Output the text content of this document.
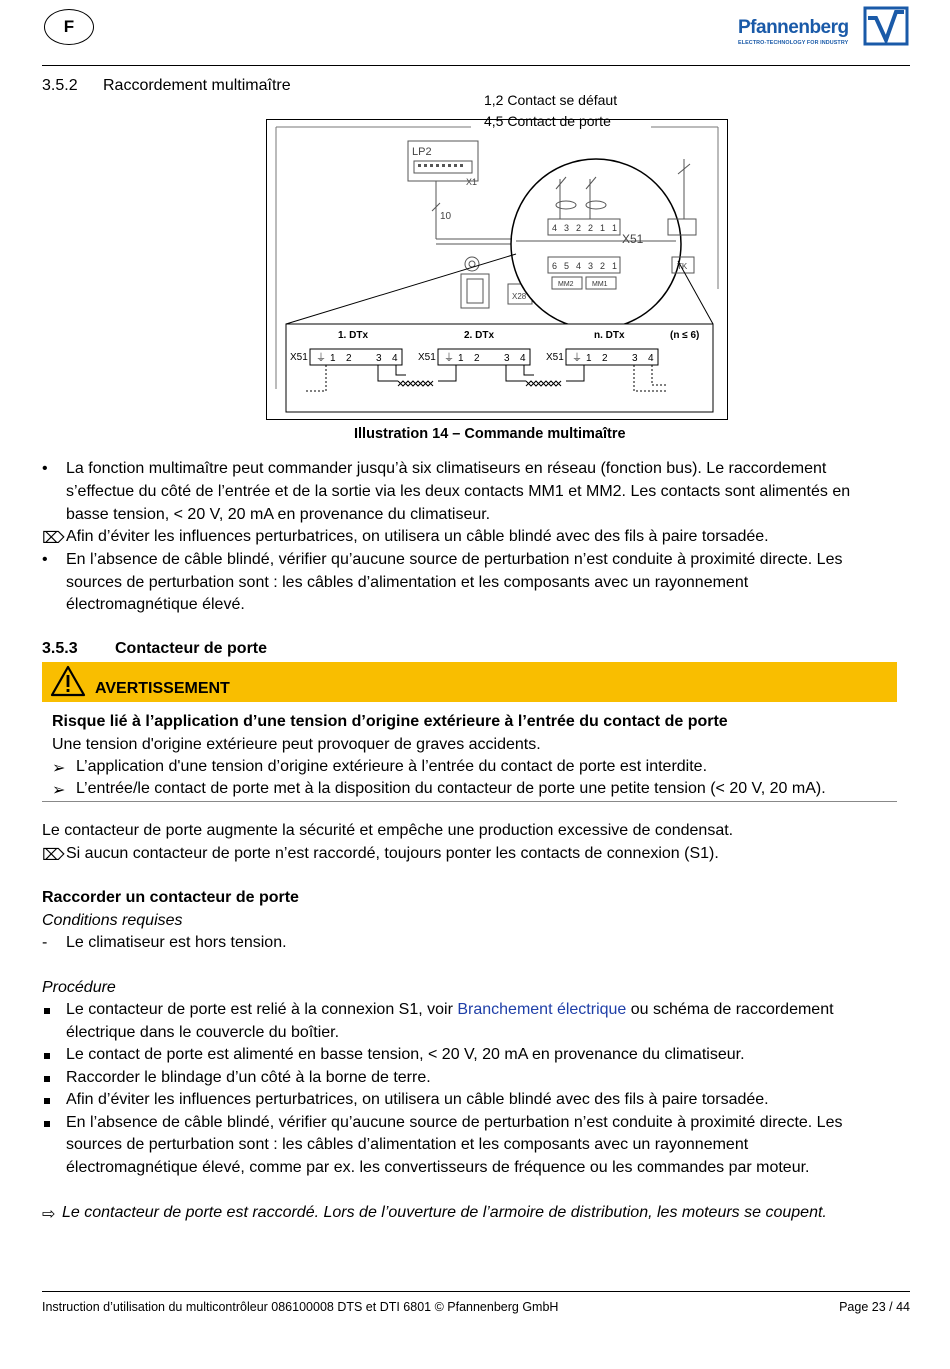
F	Pfannenberg
ELECTRO-TECHNOLOGY FOR INDUSTRY
3.5.2 Raccordement multimaître
1,2 Contact se défaut
4,5 Contact de porte
LP2
X1
10
X28
4 3 2 2 1 1
X51
6 5 4 3 2 1
MM2	MM1
TK
1. DTx	2. DTx	n. DTx	(n ≤ 6)
X51 ⏚ 1 2 3 4 X51 ⏚ 1 2 3 4 X51 ⏚ 1 2 3 4
Illustration 14 – Commande multimaître
• La fonction multimaître peut commander jusqu’à six climatiseurs en réseau (fonction bus). Le raccordement
s’effectue du côté de l’entrée et de la sortie via les deux contacts MM1 et MM2. Les contacts sont alimentés en
basse tension, < 20 V, 20 mA en provenance du climatiseur.
⌦ Afin d’éviter les influences perturbatrices, on utilisera un câble blindé avec des fils à paire torsadée.
• En l’absence de câble blindé, vérifier qu’aucune source de perturbation n’est conduite à proximité directe. Les
sources de perturbation sont : les câbles d’alimentation et les composants avec un rayonnement
électromagnétique élevé.
3.5.3 Contacteur de porte
AVERTISSEMENT
Risque lié à l’application d’une tension d’origine extérieure à l’entrée du contact de porte
Une tension d'origine extérieure peut provoquer de graves accidents.
➢ L’application d'une tension d’origine extérieure à l’entrée du contact de porte est interdite.
➢ L’entrée/le contact de porte met à la disposition du contacteur de porte une petite tension (< 20 V, 20 mA).
Le contacteur de porte augmente la sécurité et empêche une production excessive de condensat.
⌦ Si aucun contacteur de porte n’est raccordé, toujours ponter les contacts de connexion (S1).
Raccorder un contacteur de porte
Conditions requises
- Le climatiseur est hors tension.
Procédure
Le contacteur de porte est relié à la connexion S1, voir Branchement électrique ou schéma de raccordement
électrique dans le couvercle du boîtier.
Le contact de porte est alimenté en basse tension, < 20 V, 20 mA en provenance du climatiseur.
Raccorder le blindage d’un côté à la borne de terre.
Afin d’éviter les influences perturbatrices, on utilisera un câble blindé avec des fils à paire torsadée.
En l’absence de câble blindé, vérifier qu’aucune source de perturbation n’est conduite à proximité directe. Les
sources de perturbation sont : les câbles d’alimentation et les composants avec un rayonnement
électromagnétique élevé, comme par ex. les convertisseurs de fréquence ou les commandes par moteur.
⇨ Le contacteur de porte est raccordé. Lors de l’ouverture de l’armoire de distribution, les moteurs se coupent.
Instruction d’utilisation du multicontrôleur 086100008 DTS et DTI 6801 © Pfannenberg GmbH	Page 23 / 44
